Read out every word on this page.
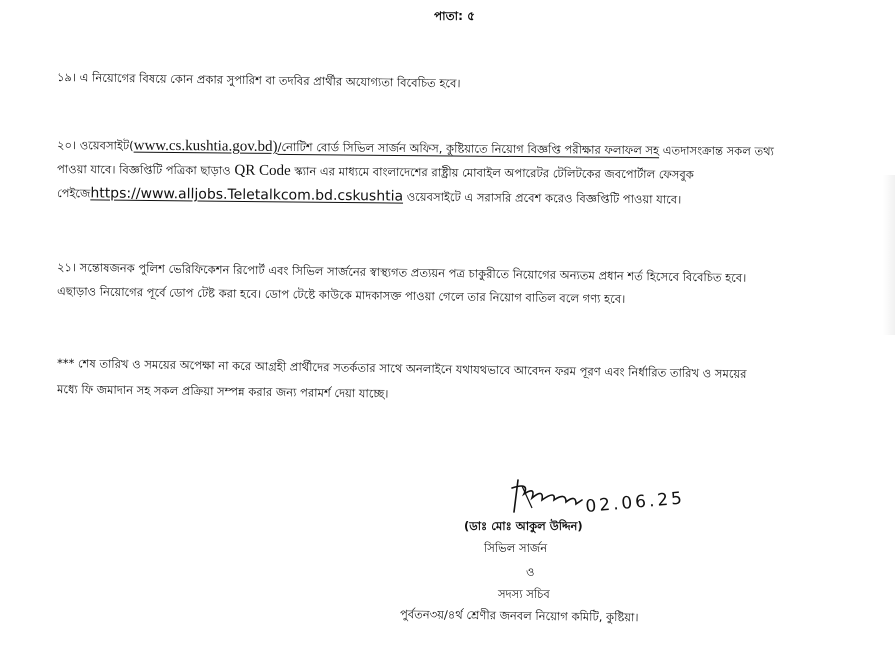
পাতা: ৫
১৯। এ নিয়োগের বিষয়ে কোন প্রকার সুপারিশ বা তদবির প্রার্থীর অযোগ্যতা বিবেচিত হবে।
২০। ওয়েবসাইট(www.cs.kushtia.gov.bd)/নোটিশ বোর্ড সিভিল সার্জন অফিস, কুষ্টিয়াতে নিয়োগ বিজ্ঞপ্তি পরীক্ষার ফলাফল সহ এতদাসংক্রান্ত সকল তথ্য
পাওয়া যাবে। বিজ্ঞপ্তিটি পত্রিকা ছাড়াও QR Code স্ক্যান এর মাধ্যমে বাংলাদেশের রাষ্ট্রীয় মোবাইল অপারেটর টেলিটকের জবপোর্টাল ফেসবুক
পেইজেhttps://www.alljobs.Teletalkcom.bd.cskushtia ওয়েবসাইটে এ সরাসরি প্রবেশ করেও বিজ্ঞপ্তিটি পাওয়া যাবে।
২১। সন্তোষজনক পুলিশ ভেরিফিকেশন রিপোর্ট এবং সিভিল সার্জনের স্বাস্থ্যগত প্রত্যয়ন পত্র চাকুরীতে নিয়োগের অন্যতম প্রধান শর্ত হিসেবে বিবেচিত হবে।
এছাড়াও নিয়োগের পূর্বে ডোপ টেষ্ট করা হবে। ডোপ টেষ্টে কাউকে মাদকাসক্ত পাওয়া গেলে তার নিয়োগ বাতিল বলে গণ্য হবে।
*** শেষ তারিখ ও সময়ের অপেক্ষা না করে আগ্রহী প্রার্থীদের সতর্কতার সাথে অনলাইনে যথাযথভাবে আবেদন ফরম পূরণ এবং নির্ধারিত তারিখ ও সময়ের
মধ্যে ফি জমাদান সহ সকল প্রক্রিয়া সম্পন্ন করার জন্য পরামর্শ দেয়া যাচ্ছে।
02.06.25
(ডাঃ মোঃ আকুল উদ্দিন)
সিভিল সার্জন
ও
সদস্য সচিব
পুর্বতন৩য়/৪র্থ শ্রেণীর জনবল নিয়োগ কমিটি, কুষ্টিয়া।
